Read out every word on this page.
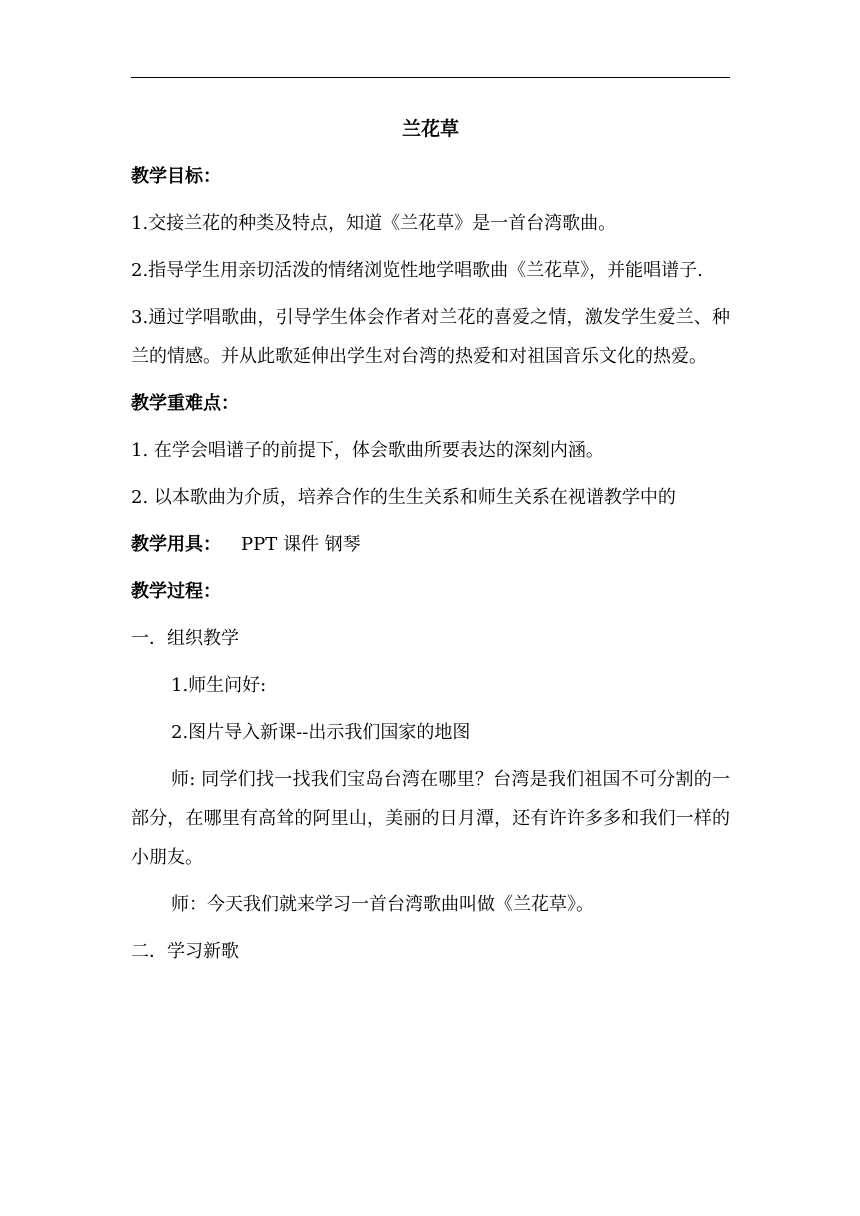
兰花草
教学目标：

1.交接兰花的种类及特点，知道《兰花草》是一首台湾歌曲。

2.指导学生用亲切活泼的情绪浏览性地学唱歌曲《兰花草》，并能唱谱子.

3.通过学唱歌曲，引导学生体会作者对兰花的喜爱之情，激发学生爱兰、种兰的情感。并从此歌延伸出学生对台湾的热爱和对祖国音乐文化的热爱。

教学重难点：

1. 在学会唱谱子的前提下，体会歌曲所要表达的深刻内涵。

2. 以本歌曲为介质，培养合作的生生关系和师生关系在视谱教学中的

教学用具： PPT 课件 钢琴

教学过程：

一．组织教学

1.师生问好:

2.图片导入新课--出示我们国家的地图

师: 同学们找一找我们宝岛台湾在哪里？台湾是我们祖国不可分割的一部分，在哪里有高耸的阿里山，美丽的日月潭，还有许许多多和我们一样的小朋友。

师：今天我们就来学习一首台湾歌曲叫做《兰花草》。

二．学习新歌
